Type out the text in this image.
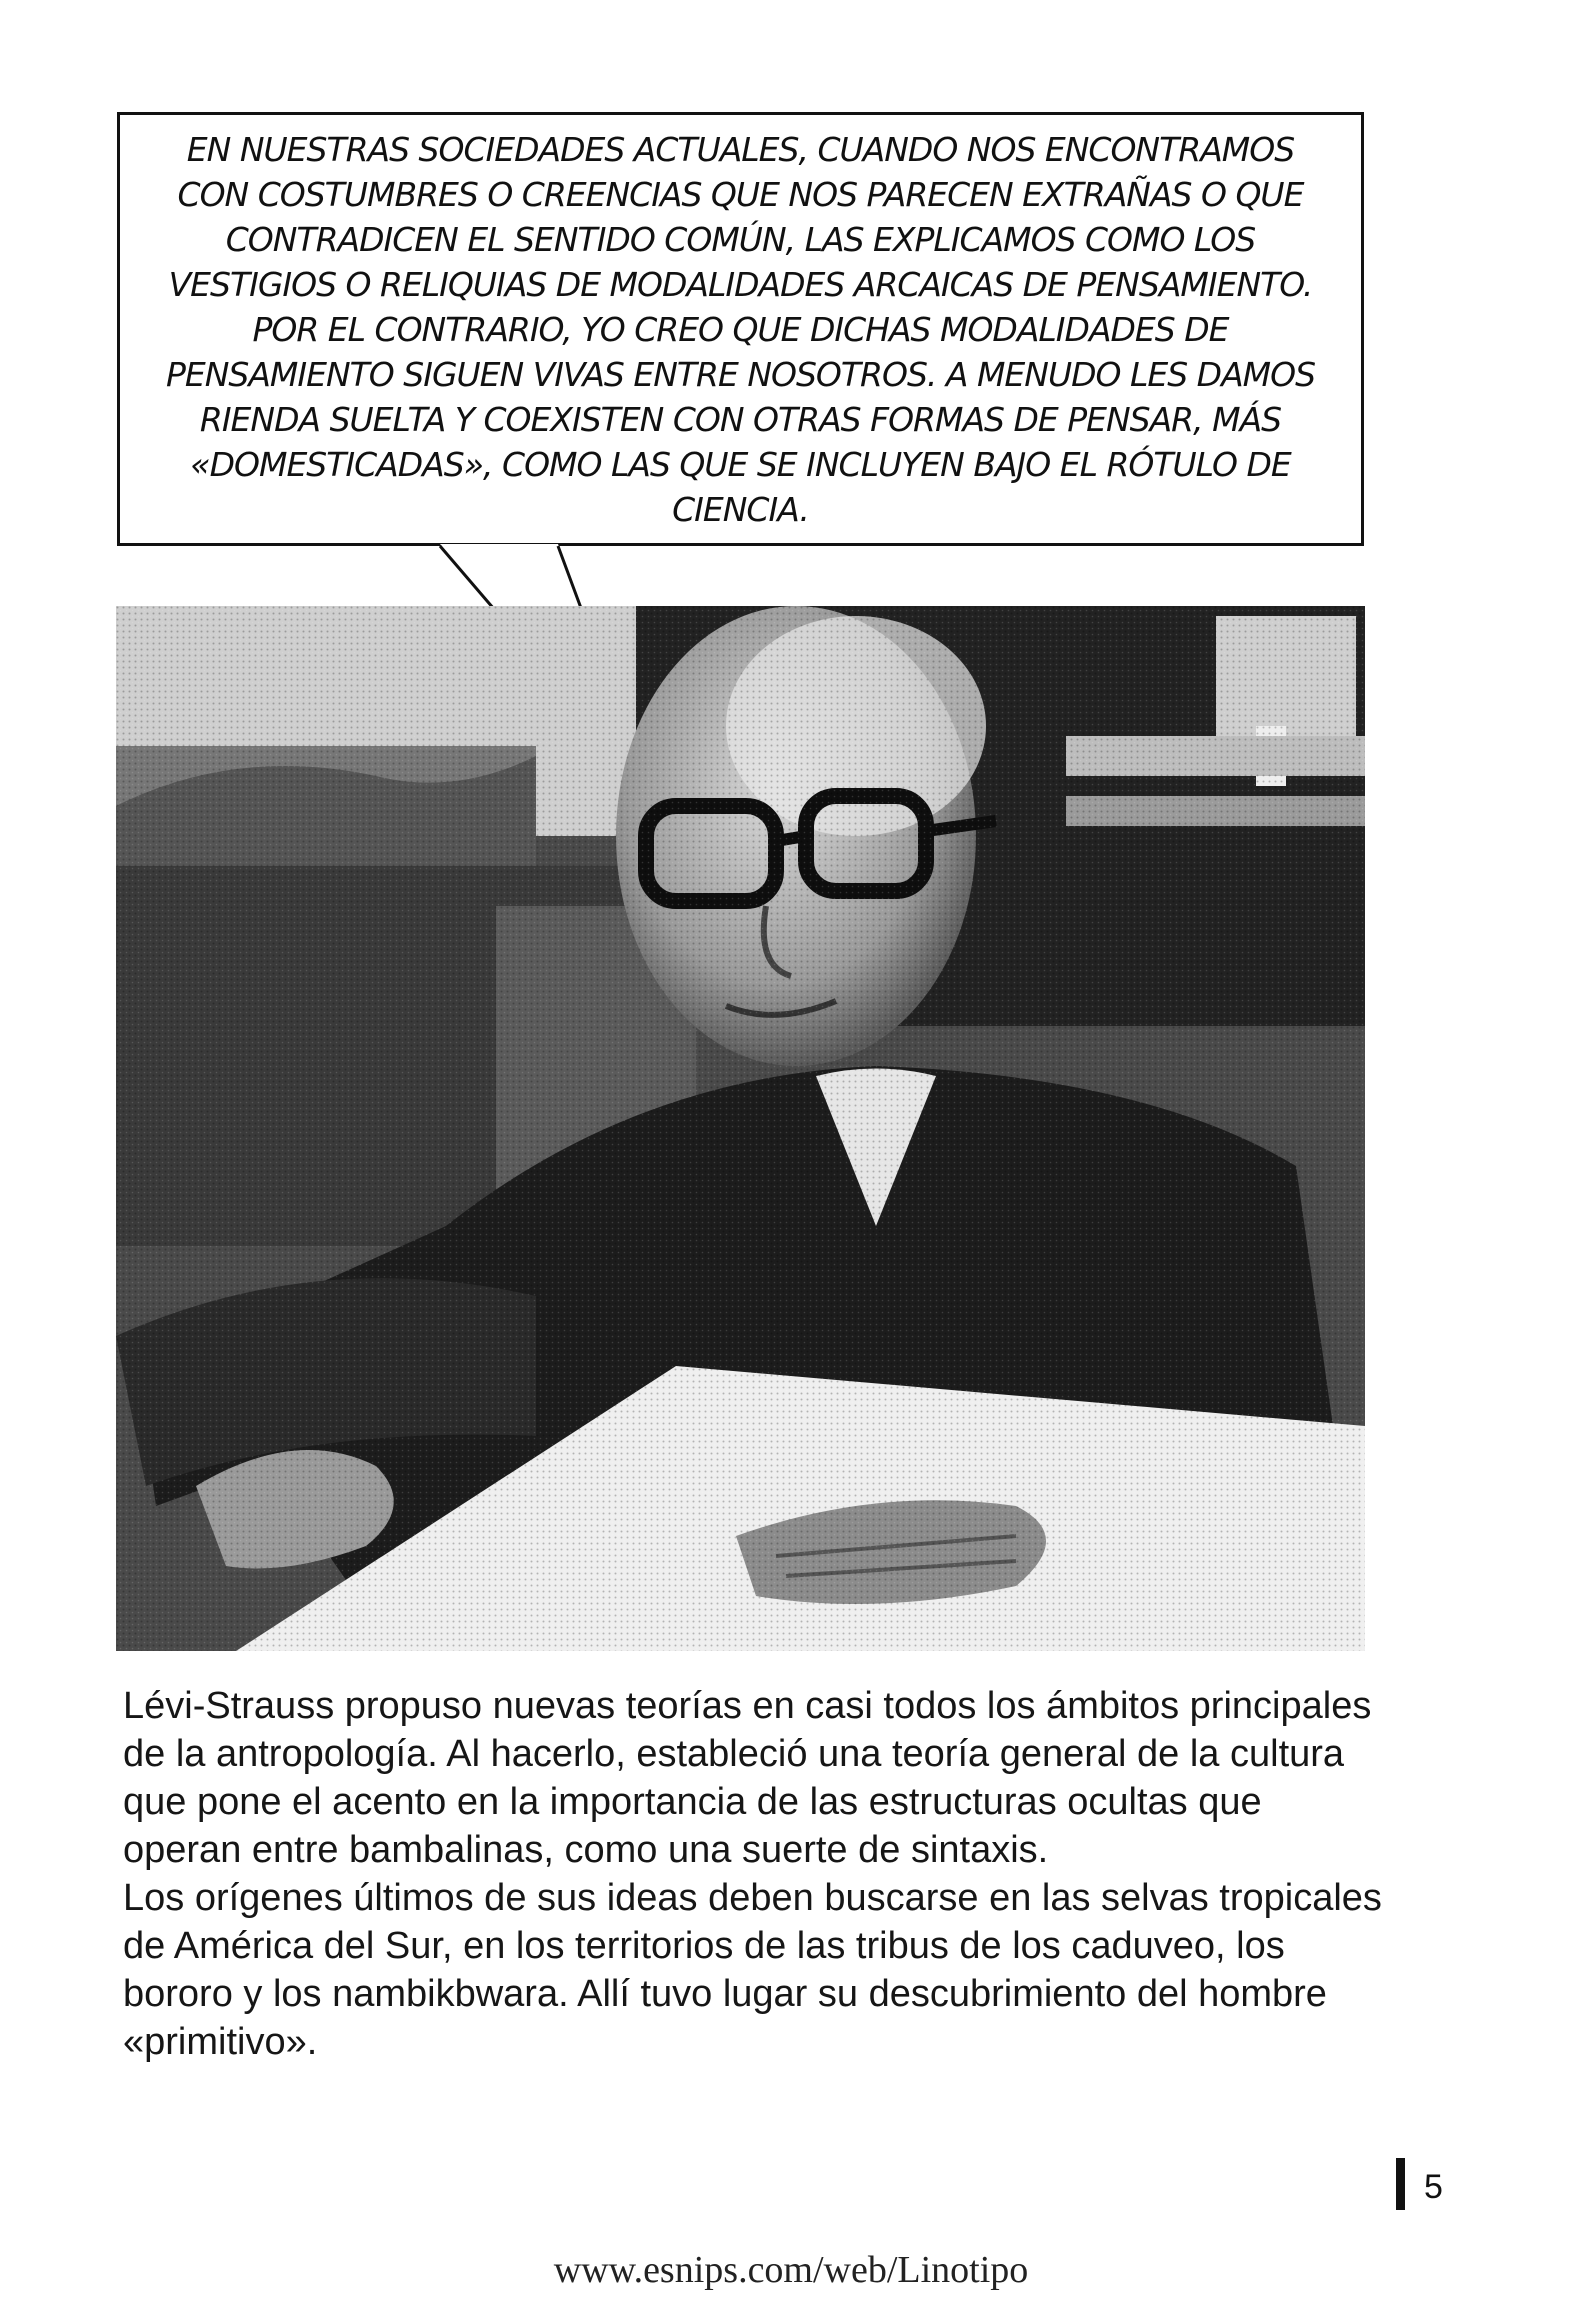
EN NUESTRAS SOCIEDADES ACTUALES, CUANDO NOS ENCONTRAMOS CON COSTUMBRES O CREENCIAS QUE NOS PARECEN EXTRAÑAS O QUE CONTRADICEN EL SENTIDO COMÚN, LAS EXPLICAMOS COMO LOS VESTIGIOS O RELIQUIAS DE MODALIDADES ARCAICAS DE PENSAMIENTO. POR EL CONTRARIO, YO CREO QUE DICHAS MODALIDADES DE PENSAMIENTO SIGUEN VIVAS ENTRE NOSOTROS. A MENUDO LES DAMOS RIENDA SUELTA Y COEXISTEN CON OTRAS FORMAS DE PENSAR, MÁS «DOMESTICADAS», COMO LAS QUE SE INCLUYEN BAJO EL RÓTULO DE CIENCIA.

Lévi-Strauss propuso nuevas teorías en casi todos los ámbitos principales de la antropología. Al hacerlo, estableció una teoría general de la cultura que pone el acento en la importancia de las estructuras ocultas que operan entre bambalinas, como una suerte de sintaxis.

Los orígenes últimos de sus ideas deben buscarse en las selvas tropicales de América del Sur, en los territorios de las tribus de los caduveo, los bororo y los nambikbwara. Allí tuvo lugar su descubrimiento del hombre «primitivo».

5
www.esnips.com/web/Linotipo
